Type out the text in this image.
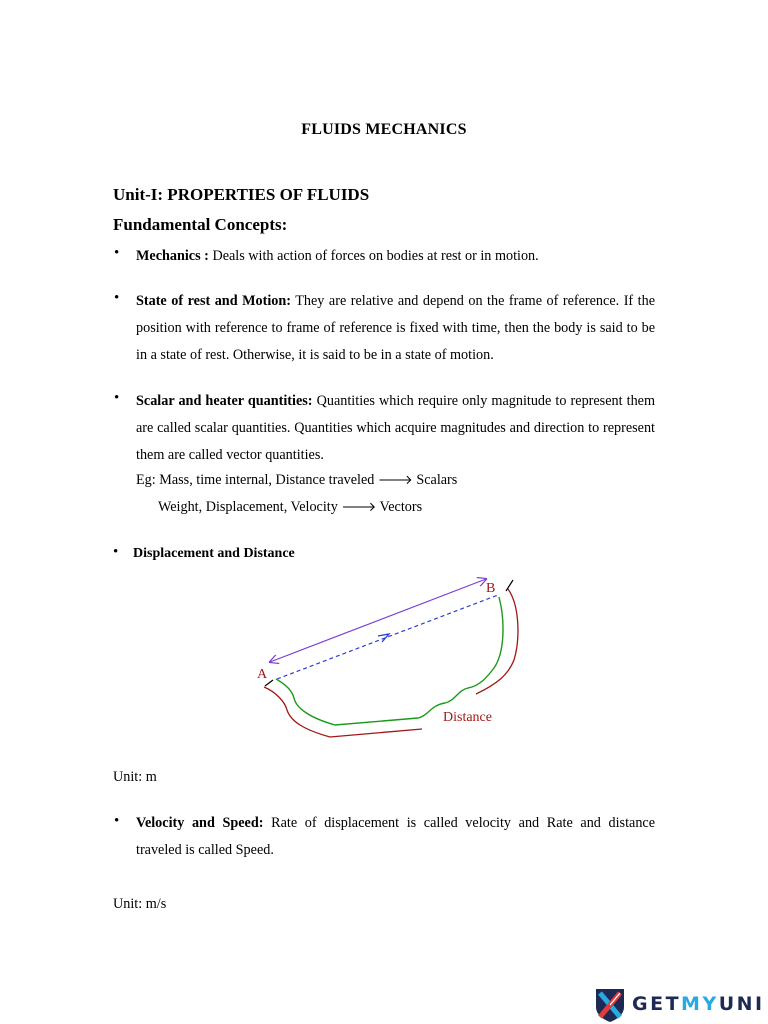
FLUIDS MECHANICS
Unit-I: PROPERTIES OF FLUIDS
Fundamental Concepts:
• Mechanics : Deals with action of forces on bodies at rest or in motion.
• State of rest and Motion: They are relative and depend on the frame of reference. If the position with reference to frame of reference is fixed with time, then the body is said to be in a state of rest. Otherwise, it is said to be in a state of motion.
• Scalar and heater quantities: Quantities which require only magnitude to represent them are called scalar quantities. Quantities which acquire magnitudes and direction to represent them are called vector quantities.
Eg: Mass, time internal, Distance traveled 🡒 Scalars
Weight, Displacement, Velocity 🡒 Vectors
• Displacement and Distance
A
B
Distance
Unit: m
• Velocity and Speed: Rate of displacement is called velocity and Rate and distance traveled is called Speed.
Unit: m/s
GETMYUNI
